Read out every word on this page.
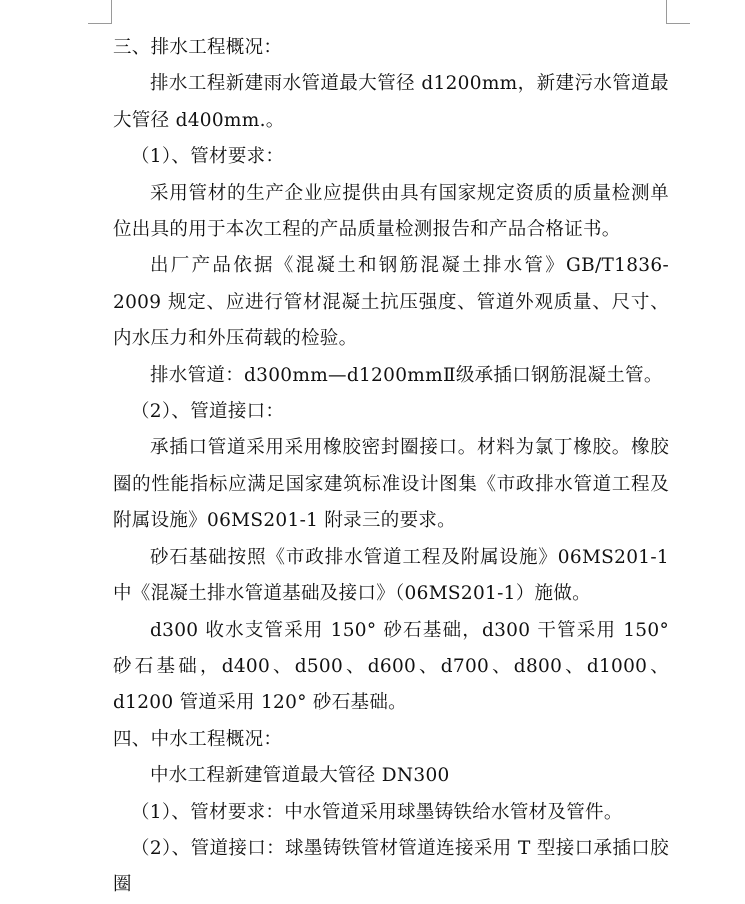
三、排水工程概况：

排水工程新建雨水管道最大管径 d1200mm，新建污水管道最大管径 d400mm.。

（1）、管材要求：

采用管材的生产企业应提供由具有国家规定资质的质量检测单位出具的用于本次工程的产品质量检测报告和产品合格证书。

出厂产品依据《混凝土和钢筋混凝土排水管》GB/T1836-2009 规定、应进行管材混凝土抗压强度、管道外观质量、尺寸、内水压力和外压荷载的检验。

排水管道：d300mm—d1200mmⅡ级承插口钢筋混凝土管。

（2）、管道接口：

承插口管道采用采用橡胶密封圈接口。材料为氯丁橡胶。橡胶圈的性能指标应满足国家建筑标准设计图集《市政排水管道工程及附属设施》06MS201-1 附录三的要求。

砂石基础按照《市政排水管道工程及附属设施》06MS201-1 中《混凝土排水管道基础及接口》（06MS201-1）施做。

d300 收水支管采用 150° 砂石基础，d300 干管采用 150° 砂石基础，d400、d500、d600、d700、d800、d1000、d1200 管道采用 120° 砂石基础。

四、中水工程概况：

中水工程新建管道最大管径 DN300

（1）、管材要求：中水管道采用球墨铸铁给水管材及管件。

（2）、管道接口：球墨铸铁管材管道连接采用 T 型接口承插口胶圈
